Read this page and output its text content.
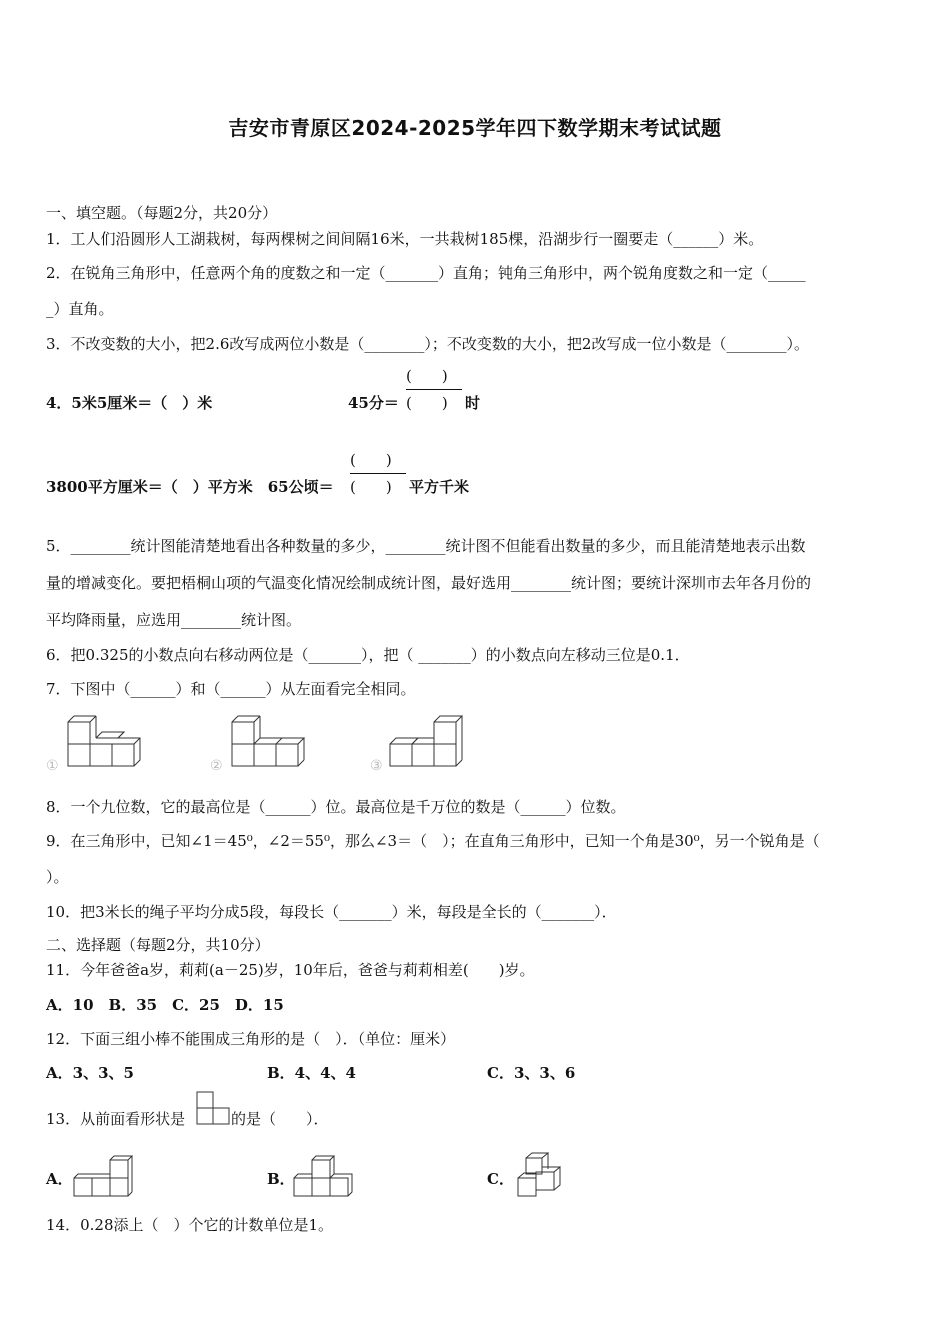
吉安市青原区2024-2025学年四下数学期末考试试题
一、填空题。（每题2分，共20分）
1．工人们沿圆形人工湖栽树，每两棵树之间间隔16米，一共栽树185棵，沿湖步行一圈要走（______）米。
2．在锐角三角形中，任意两个角的度数之和一定（_______）直角；钝角三角形中，两个锐角度数之和一定（_____
_）直角。
3．不改变数的大小，把2.6改写成两位小数是（________）；不改变数的大小，把2改写成一位小数是（________）。
4．5米5厘米＝（　）米	45分＝
(　　)
(　　) 时
3800平方厘米＝（　）平方米　65公顷＝
(　　)
(　　) 平方千米
5．________统计图能清楚地看出各种数量的多少，________统计图不但能看出数量的多少，而且能清楚地表示出数
量的增减变化。要把梧桐山项的气温变化情况绘制成统计图，最好选用________统计图；要统计深圳市去年各月份的
平均降雨量，应选用________统计图。
6．把0.325的小数点向右移动两位是（_______），把（ _______）的小数点向左移动三位是0.1．
7．下图中（______）和（______）从左面看完全相同。
①	②	③
8．一个九位数，它的最高位是（______）位。最高位是千万位的数是（______）位数。
9．在三角形中，已知∠1＝45⁰，∠2＝55⁰，那么∠3＝（　）；在直角三角形中，已知一个角是30⁰，另一个锐角是（
）。
10．把3米长的绳子平均分成5段，每段长（_______）米，每段是全长的（_______）．
二、选择题（每题2分，共10分）
11．今年爸爸a岁，莉莉(a－25)岁，10年后，爸爸与莉莉相差(　　)岁。
A．10　B．35　C．25　D．15
12．下面三组小棒不能围成三角形的是（　）．（单位：厘米）
A．3、3、5	B．4、4、4	C．3、3、6
13．从前面看形状是	的是（　　）．
A．	B．	C．
14．0.28添上（　）个它的计数单位是1。
